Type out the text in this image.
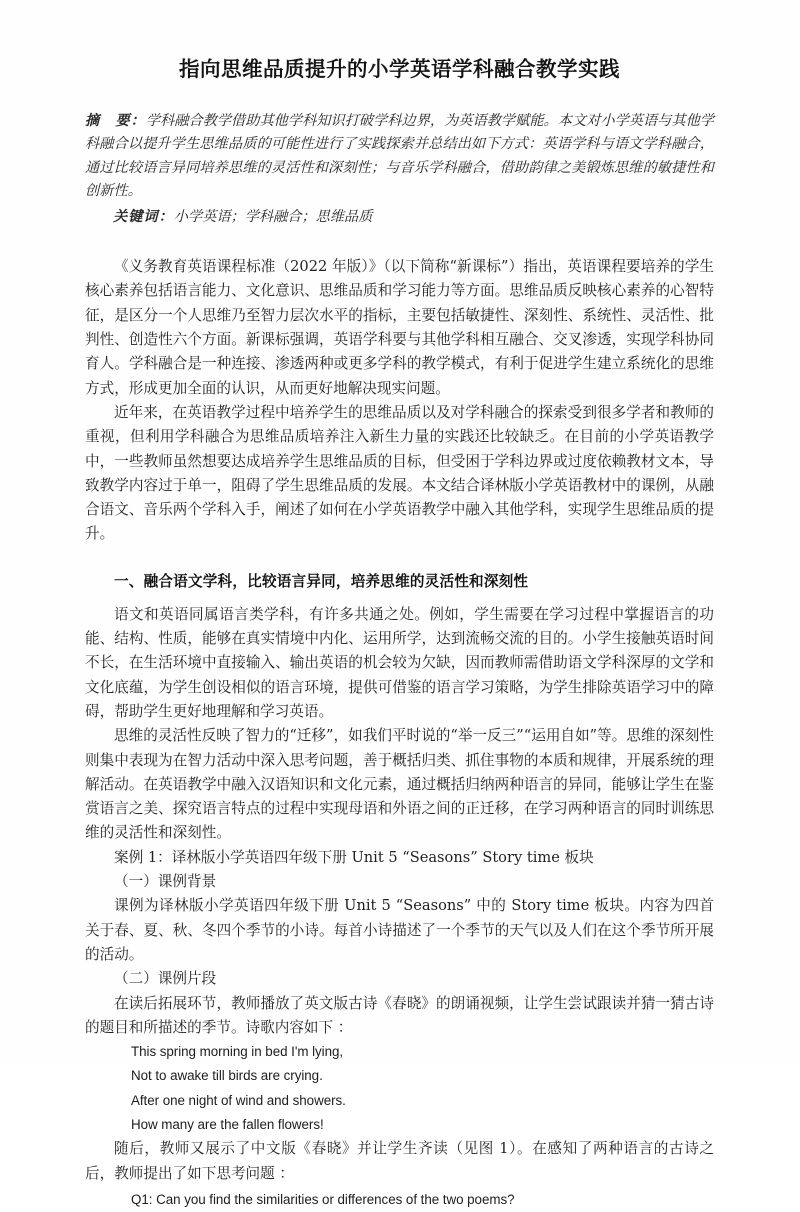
指向思维品质提升的小学英语学科融合教学实践

摘　要：学科融合教学借助其他学科知识打破学科边界，为英语教学赋能。本文对小学英语与其他学科融合以提升学生思维品质的可能性进行了实践探索并总结出如下方式：英语学科与语文学科融合，通过比较语言异同培养思维的灵活性和深刻性；与音乐学科融合，借助韵律之美锻炼思维的敏捷性和创新性。

关键词：小学英语；学科融合；思维品质

《义务教育英语课程标准（2022 年版）》（以下简称“新课标”）指出，英语课程要培养的学生核心素养包括语言能力、文化意识、思维品质和学习能力等方面。思维品质反映核心素养的心智特征，是区分一个人思维乃至智力层次水平的指标，主要包括敏捷性、深刻性、系统性、灵活性、批判性、创造性六个方面。新课标强调，英语学科要与其他学科相互融合、交叉渗透，实现学科协同育人。学科融合是一种连接、渗透两种或更多学科的教学模式，有利于促进学生建立系统化的思维方式，形成更加全面的认识，从而更好地解决现实问题。

近年来，在英语教学过程中培养学生的思维品质以及对学科融合的探索受到很多学者和教师的重视，但利用学科融合为思维品质培养注入新生力量的实践还比较缺乏。在目前的小学英语教学中，一些教师虽然想要达成培养学生思维品质的目标，但受困于学科边界或过度依赖教材文本，导致教学内容过于单一，阻碍了学生思维品质的发展。本文结合译林版小学英语教材中的课例，从融合语文、音乐两个学科入手，阐述了如何在小学英语教学中融入其他学科，实现学生思维品质的提升。

一、融合语文学科，比较语言异同，培养思维的灵活性和深刻性

语文和英语同属语言类学科，有许多共通之处。例如，学生需要在学习过程中掌握语言的功能、结构、性质，能够在真实情境中内化、运用所学，达到流畅交流的目的。小学生接触英语时间不长，在生活环境中直接输入、输出英语的机会较为欠缺，因而教师需借助语文学科深厚的文学和文化底蕴，为学生创设相似的语言环境，提供可借鉴的语言学习策略，为学生排除英语学习中的障碍，帮助学生更好地理解和学习英语。

思维的灵活性反映了智力的“迁移”，如我们平时说的“举一反三”“运用自如”等。思维的深刻性则集中表现为在智力活动中深入思考问题，善于概括归类、抓住事物的本质和规律，开展系统的理解活动。在英语教学中融入汉语知识和文化元素，通过概括归纳两种语言的异同，能够让学生在鉴赏语言之美、探究语言特点的过程中实现母语和外语之间的正迁移，在学习两种语言的同时训练思维的灵活性和深刻性。

案例 1：译林版小学英语四年级下册 Unit 5 “Seasons” Story time 板块

（一）课例背景

课例为译林版小学英语四年级下册 Unit 5 “Seasons” 中的 Story time 板块。内容为四首关于春、夏、秋、冬四个季节的小诗。每首小诗描述了一个季节的天气以及人们在这个季节所开展的活动。

（二）课例片段

在读后拓展环节，教师播放了英文版古诗《春晓》的朗诵视频，让学生尝试跟读并猜一猜古诗的题目和所描述的季节。诗歌内容如下 ：

This spring morning in bed I'm lying,

Not to awake till birds are crying.

After one night of wind and showers.

How many are the fallen flowers!

随后，教师又展示了中文版《春晓》并让学生齐读（见图 1）。在感知了两种语言的古诗之后，教师提出了如下思考问题 ：

Q1: Can you find the similarities or differences of the two poems?
